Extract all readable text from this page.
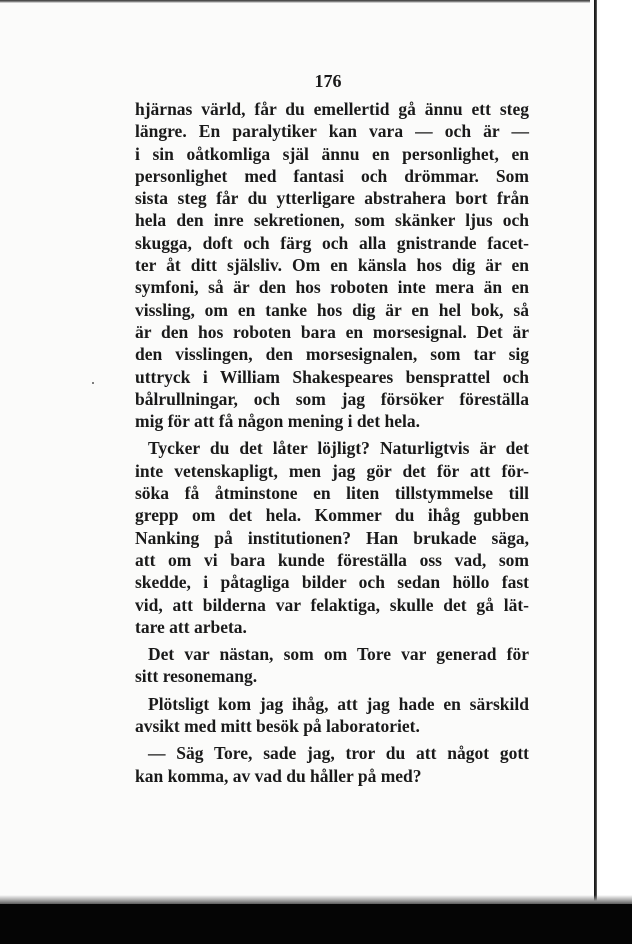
176
hjärnas värld, får du emellertid gå ännu ett steg
längre. En paralytiker kan vara — och är —
i sin oåtkomliga själ ännu en personlighet, en
personlighet med fantasi och drömmar. Som
sista steg får du ytterligare abstrahera bort från
hela den inre sekretionen, som skänker ljus och
skugga, doft och färg och alla gnistrande facet-
ter åt ditt själsliv. Om en känsla hos dig är en
symfoni, så är den hos roboten inte mera än en
vissling, om en tanke hos dig är en hel bok, så
är den hos roboten bara en morsesignal. Det är
den visslingen, den morsesignalen, som tar sig
uttryck i William Shakespeares bensprattel och
bålrullningar, och som jag försöker föreställa
mig för att få någon mening i det hela.
Tycker du det låter löjligt? Naturligtvis är det
inte vetenskapligt, men jag gör det för att för-
söka få åtminstone en liten tillstymmelse till
grepp om det hela. Kommer du ihåg gubben
Nanking på institutionen? Han brukade säga,
att om vi bara kunde föreställa oss vad, som
skedde, i påtagliga bilder och sedan höllo fast
vid, att bilderna var felaktiga, skulle det gå lät-
tare att arbeta.
Det var nästan, som om Tore var generad för
sitt resonemang.
Plötsligt kom jag ihåg, att jag hade en särskild
avsikt med mitt besök på laboratoriet.
— Säg Tore, sade jag, tror du att något gott
kan komma, av vad du håller på med?
